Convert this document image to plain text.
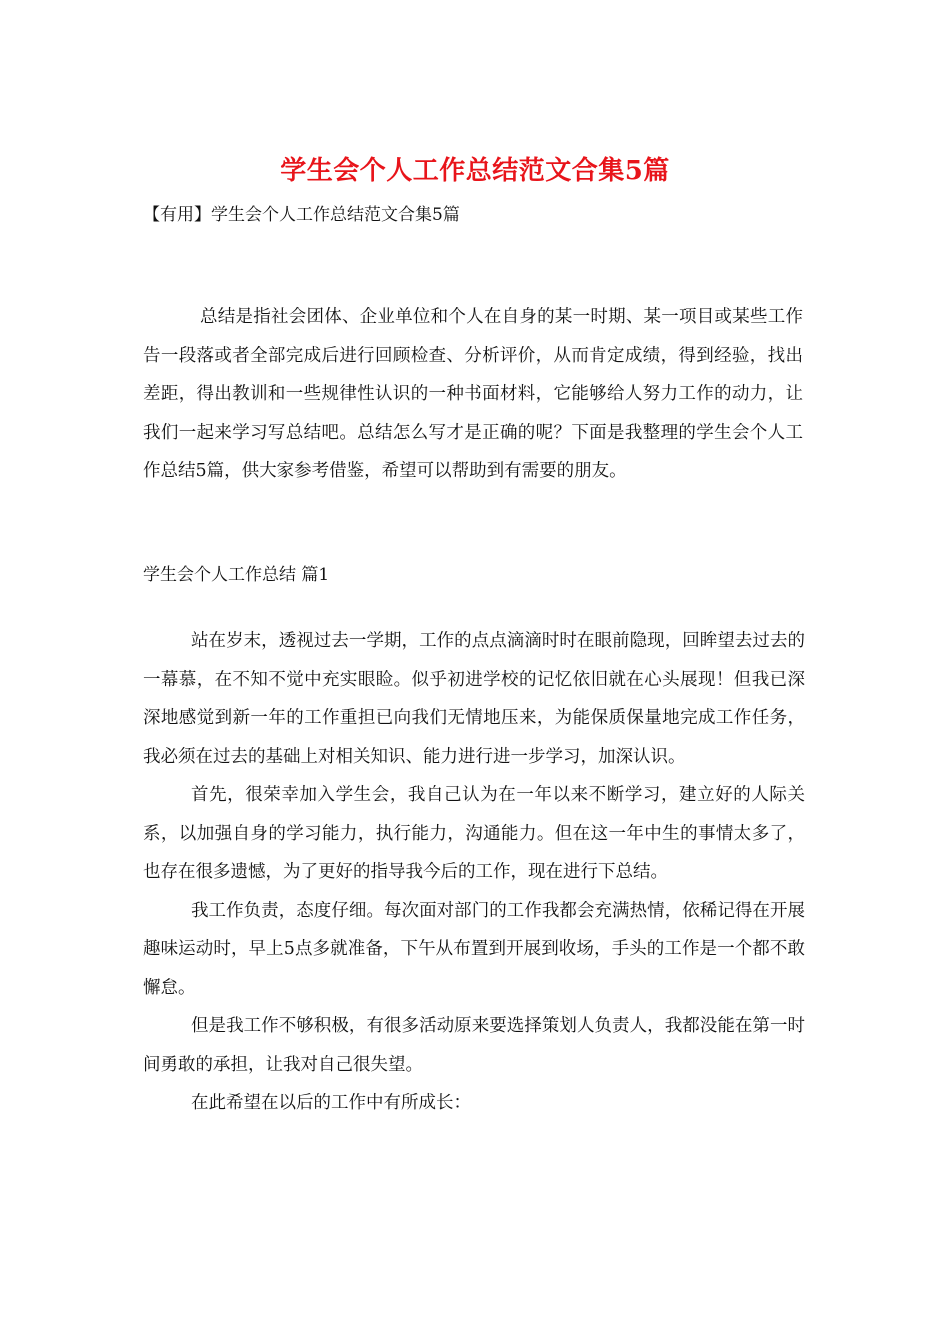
学生会个人工作总结范文合集5篇

【有用】学生会个人工作总结范文合集5篇

总结是指社会团体、企业单位和个人在自身的某一时期、某一项目或某些工作告一段落或者全部完成后进行回顾检查、分析评价，从而肯定成绩，得到经验，找出差距，得出教训和一些规律性认识的一种书面材料，它能够给人努力工作的动力，让我们一起来学习写总结吧。总结怎么写才是正确的呢？下面是我整理的学生会个人工作总结5篇，供大家参考借鉴，希望可以帮助到有需要的朋友。

学生会个人工作总结 篇1

站在岁末，透视过去一学期，工作的点点滴滴时时在眼前隐现，回眸望去过去的一幕慕，在不知不觉中充实眼睑。似乎初进学校的记忆依旧就在心头展现！但我已深深地感觉到新一年的工作重担已向我们无情地压来，为能保质保量地完成工作任务，我必须在过去的基础上对相关知识、能力进行进一步学习，加深认识。

首先，很荣幸加入学生会，我自己认为在一年以来不断学习，建立好的人际关系，以加强自身的学习能力，执行能力，沟通能力。但在这一年中生的事情太多了，也存在很多遗憾，为了更好的指导我今后的工作，现在进行下总结。

我工作负责，态度仔细。每次面对部门的工作我都会充满热情，依稀记得在开展趣味运动时，早上5点多就准备，下午从布置到开展到收场，手头的工作是一个都不敢懈怠。

但是我工作不够积极，有很多活动原来要选择策划人负责人，我都没能在第一时间勇敢的承担，让我对自己很失望。

在此希望在以后的工作中有所成长：
